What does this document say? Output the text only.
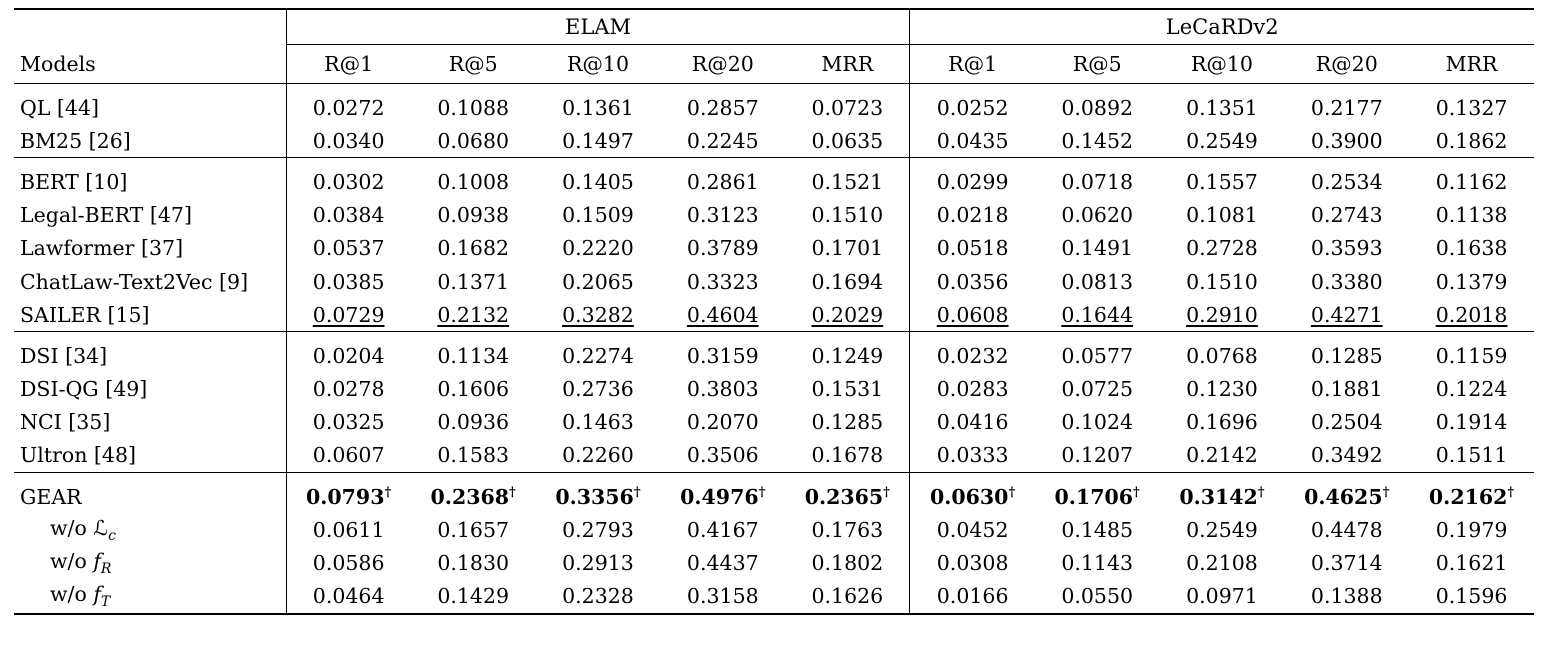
	ELAM					LeCaRDv2				
Models	R@1	R@5	R@10	R@20	MRR	R@1	R@5	R@10	R@20	MRR

QL [44]	0.0272	0.1088	0.1361	0.2857	0.0723	0.0252	0.0892	0.1351	0.2177	0.1327
BM25 [26]	0.0340	0.0680	0.1497	0.2245	0.0635	0.0435	0.1452	0.2549	0.3900	0.1862

BERT [10]	0.0302	0.1008	0.1405	0.2861	0.1521	0.0299	0.0718	0.1557	0.2534	0.1162
Legal-BERT [47]	0.0384	0.0938	0.1509	0.3123	0.1510	0.0218	0.0620	0.1081	0.2743	0.1138
Lawformer [37]	0.0537	0.1682	0.2220	0.3789	0.1701	0.0518	0.1491	0.2728	0.3593	0.1638
ChatLaw-Text2Vec [9]	0.0385	0.1371	0.2065	0.3323	0.1694	0.0356	0.0813	0.1510	0.3380	0.1379
SAILER [15]	0.0729	0.2132	0.3282	0.4604	0.2029	0.0608	0.1644	0.2910	0.4271	0.2018

DSI [34]	0.0204	0.1134	0.2274	0.3159	0.1249	0.0232	0.0577	0.0768	0.1285	0.1159
DSI-QG [49]	0.0278	0.1606	0.2736	0.3803	0.1531	0.0283	0.0725	0.1230	0.1881	0.1224
NCI [35]	0.0325	0.0936	0.1463	0.2070	0.1285	0.0416	0.1024	0.1696	0.2504	0.1914
Ultron [48]	0.0607	0.1583	0.2260	0.3506	0.1678	0.0333	0.1207	0.2142	0.3492	0.1511

GEAR	0.0793†	0.2368†	0.3356†	0.4976†	0.2365†	0.0630†	0.1706†	0.3142†	0.4625†	0.2162†
w/o ℒ$_c$	0.0611	0.1657	0.2793	0.4167	0.1763	0.0452	0.1485	0.2549	0.4478	0.1979
w/o $f_R$	0.0586	0.1830	0.2913	0.4437	0.1802	0.0308	0.1143	0.2108	0.3714	0.1621
w/o $f_T$	0.0464	0.1429	0.2328	0.3158	0.1626	0.0166	0.0550	0.0971	0.1388	0.1596
